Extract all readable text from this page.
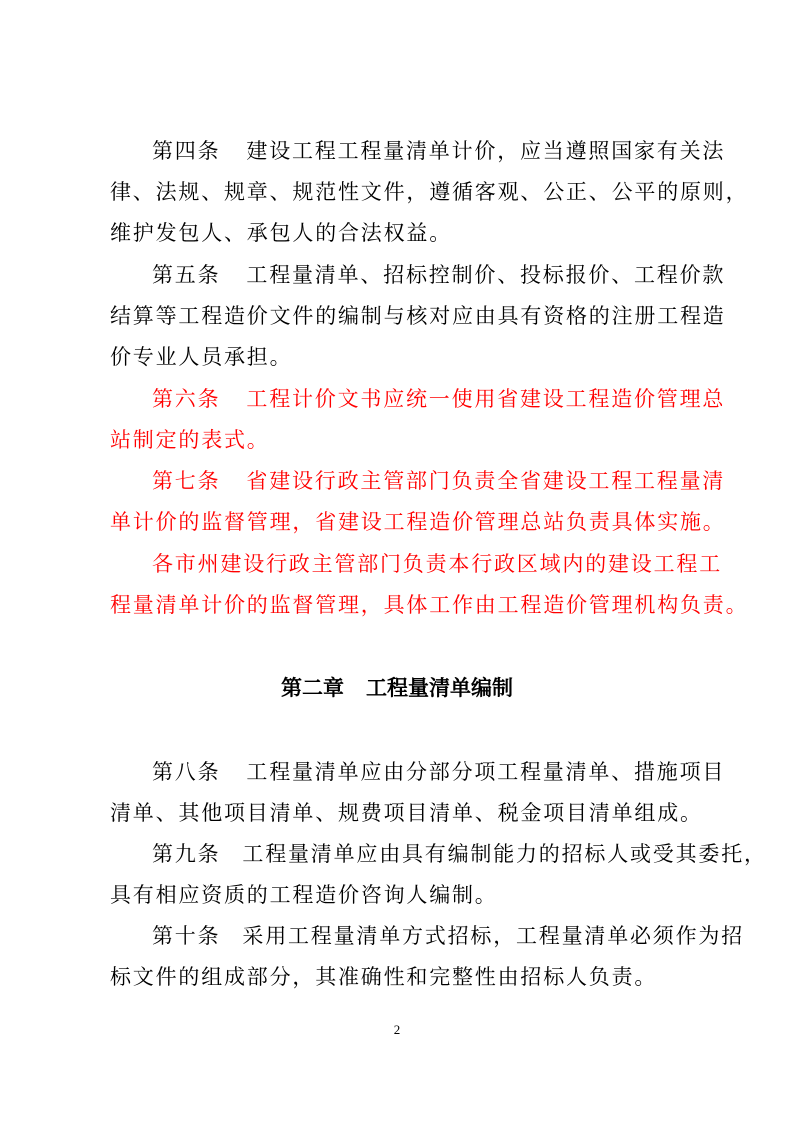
第四条 建设工程工程量清单计价，应当遵照国家有关法
律、法规、规章、规范性文件，遵循客观、公正、公平的原则，
维护发包人、承包人的合法权益。
第五条 工程量清单、招标控制价、投标报价、工程价款
结算等工程造价文件的编制与核对应由具有资格的注册工程造
价专业人员承担。
第六条 工程计价文书应统一使用省建设工程造价管理总
站制定的表式。
第七条 省建设行政主管部门负责全省建设工程工程量清
单计价的监督管理，省建设工程造价管理总站负责具体实施。
各市州建设行政主管部门负责本行政区域内的建设工程工
程量清单计价的监督管理，具体工作由工程造价管理机构负责。
第二章 工程量清单编制
第八条 工程量清单应由分部分项工程量清单、措施项目
清单、其他项目清单、规费项目清单、税金项目清单组成。
第九条 工程量清单应由具有编制能力的招标人或受其委托，
具有相应资质的工程造价咨询人编制。
第十条 采用工程量清单方式招标，工程量清单必须作为招
标文件的组成部分，其准确性和完整性由招标人负责。
2
